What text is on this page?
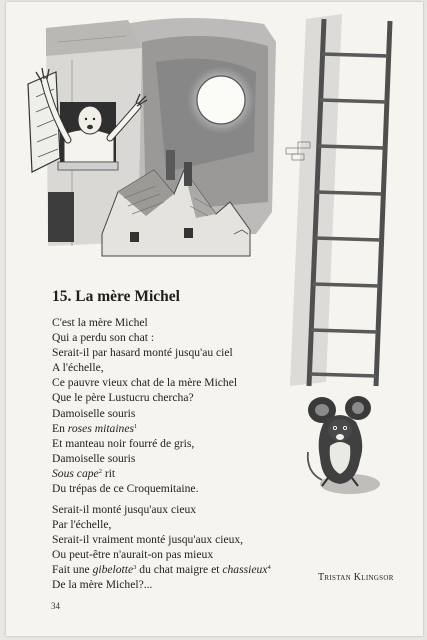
15. La mère Michel
C'est la mère Michel
Qui a perdu son chat :
Serait-il par hasard monté jusqu'au ciel
A l'échelle,
Ce pauvre vieux chat de la mère Michel
Que le père Lustucru chercha?
Damoiselle souris
En roses mitaines$^1$
Et manteau noir fourré de gris,
Damoiselle souris
Sous cape$^2$ rit
Du trépas de ce Croquemitaine.
Serait-il monté jusqu'aux cieux
Par l'échelle,
Serait-il vraiment monté jusqu'aux cieux,
Ou peut-être n'aurait-on pas mieux
Fait une gibelotte$^3$ du chat maigre et chassieux$^4$
De la mère Michel?...
Tristan Klingsor
34
